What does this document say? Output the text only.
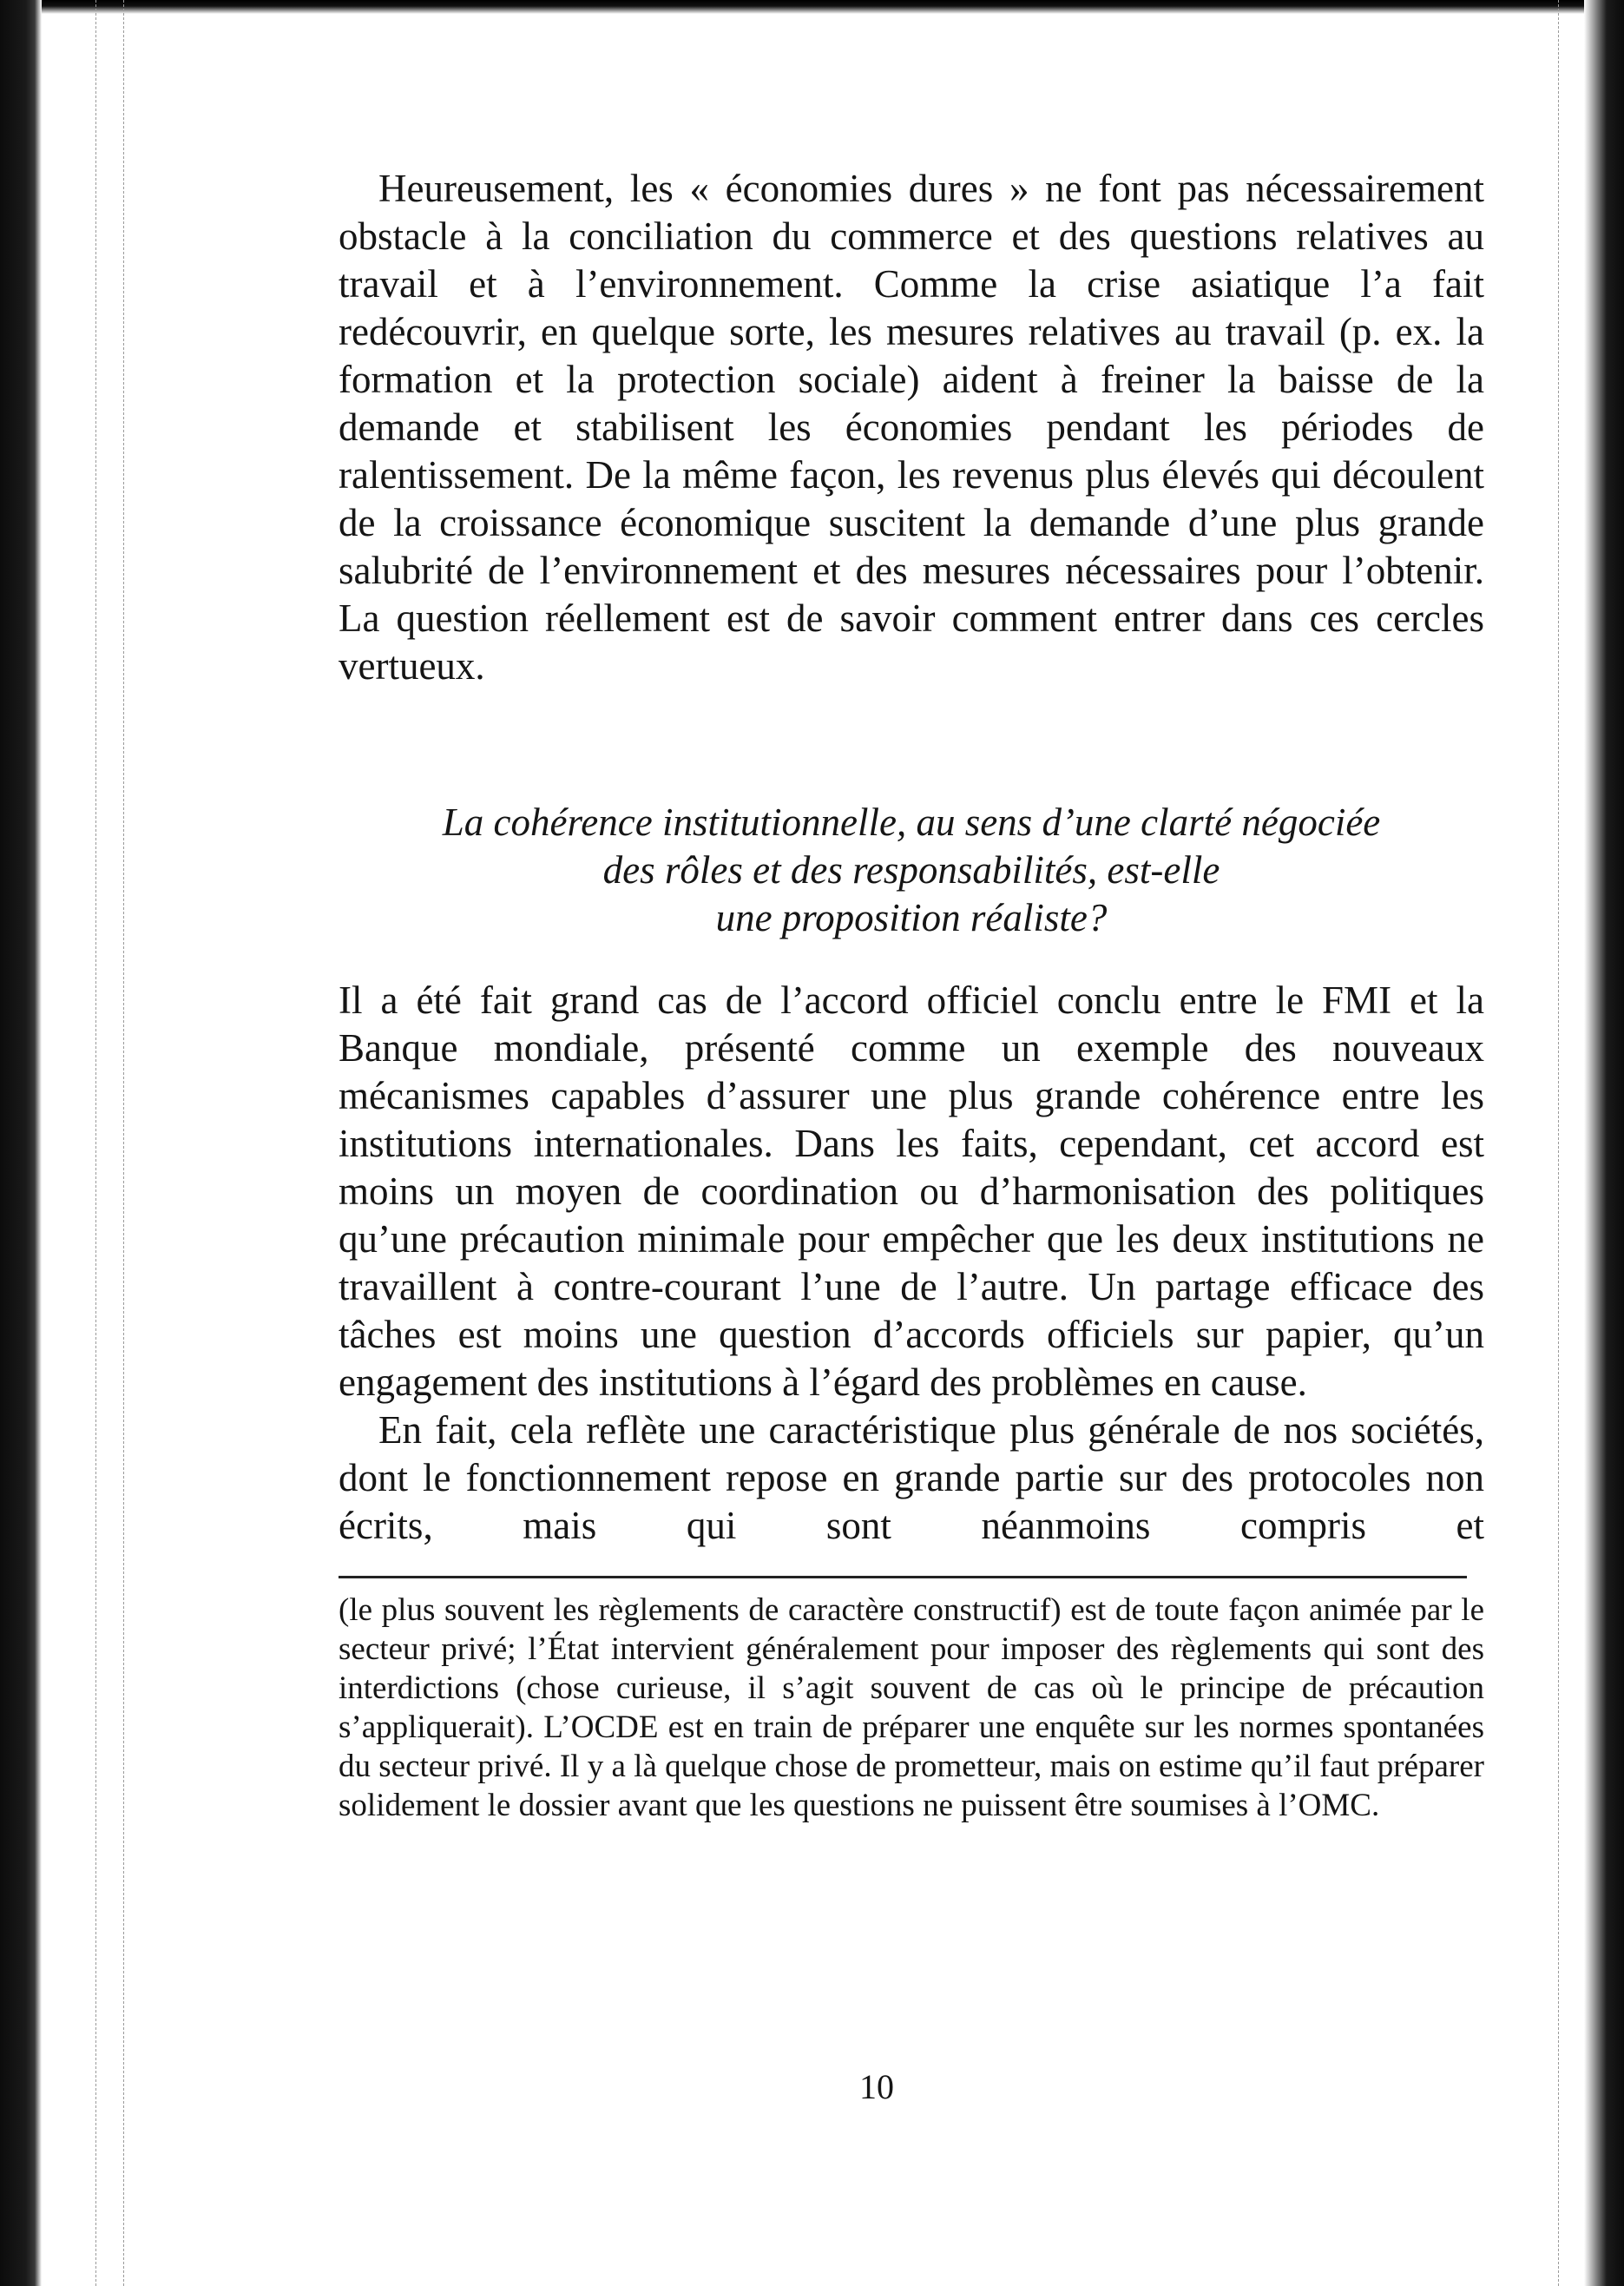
Heureusement, les « économies dures » ne font pas nécessairement obstacle à la conciliation du commerce et des questions relatives au travail et à l’environnement. Comme la crise asiatique l’a fait redécouvrir, en quelque sorte, les mesures relatives au travail (p. ex. la formation et la protection sociale) aident à freiner la baisse de la demande et stabilisent les économies pendant les périodes de ralentissement. De la même façon, les revenus plus élevés qui découlent de la croissance économique suscitent la demande d’une plus grande salubrité de l’environnement et des mesures nécessaires pour l’obtenir. La question réellement est de savoir comment entrer dans ces cercles vertueux.

La cohérence institutionnelle, au sens d’une clarté négociée
des rôles et des responsabilités, est-elle
une proposition réaliste?

Il a été fait grand cas de l’accord officiel conclu entre le FMI et la Banque mondiale, présenté comme un exemple des nouveaux mécanismes capables d’assurer une plus grande cohérence entre les institutions internationales. Dans les faits, cependant, cet accord est moins un moyen de coordination ou d’harmonisation des politiques qu’une précaution minimale pour empêcher que les deux institutions ne travaillent à contre-courant l’une de l’autre. Un partage efficace des tâches est moins une question d’accords officiels sur papier, qu’un engagement des institutions à l’égard des problèmes en cause.

En fait, cela reflète une caractéristique plus générale de nos sociétés, dont le fonctionnement repose en grande partie sur des protocoles non écrits, mais qui sont néanmoins compris et

(le plus souvent les règlements de caractère constructif) est de toute façon animée par le secteur privé; l’État intervient généralement pour imposer des règlements qui sont des interdictions (chose curieuse, il s’agit souvent de cas où le principe de précaution s’appliquerait). L’OCDE est en train de préparer une enquête sur les normes spontanées du secteur privé. Il y a là quelque chose de prometteur, mais on estime qu’il faut préparer solidement le dossier avant que les questions ne puissent être soumises à l’OMC.

10
